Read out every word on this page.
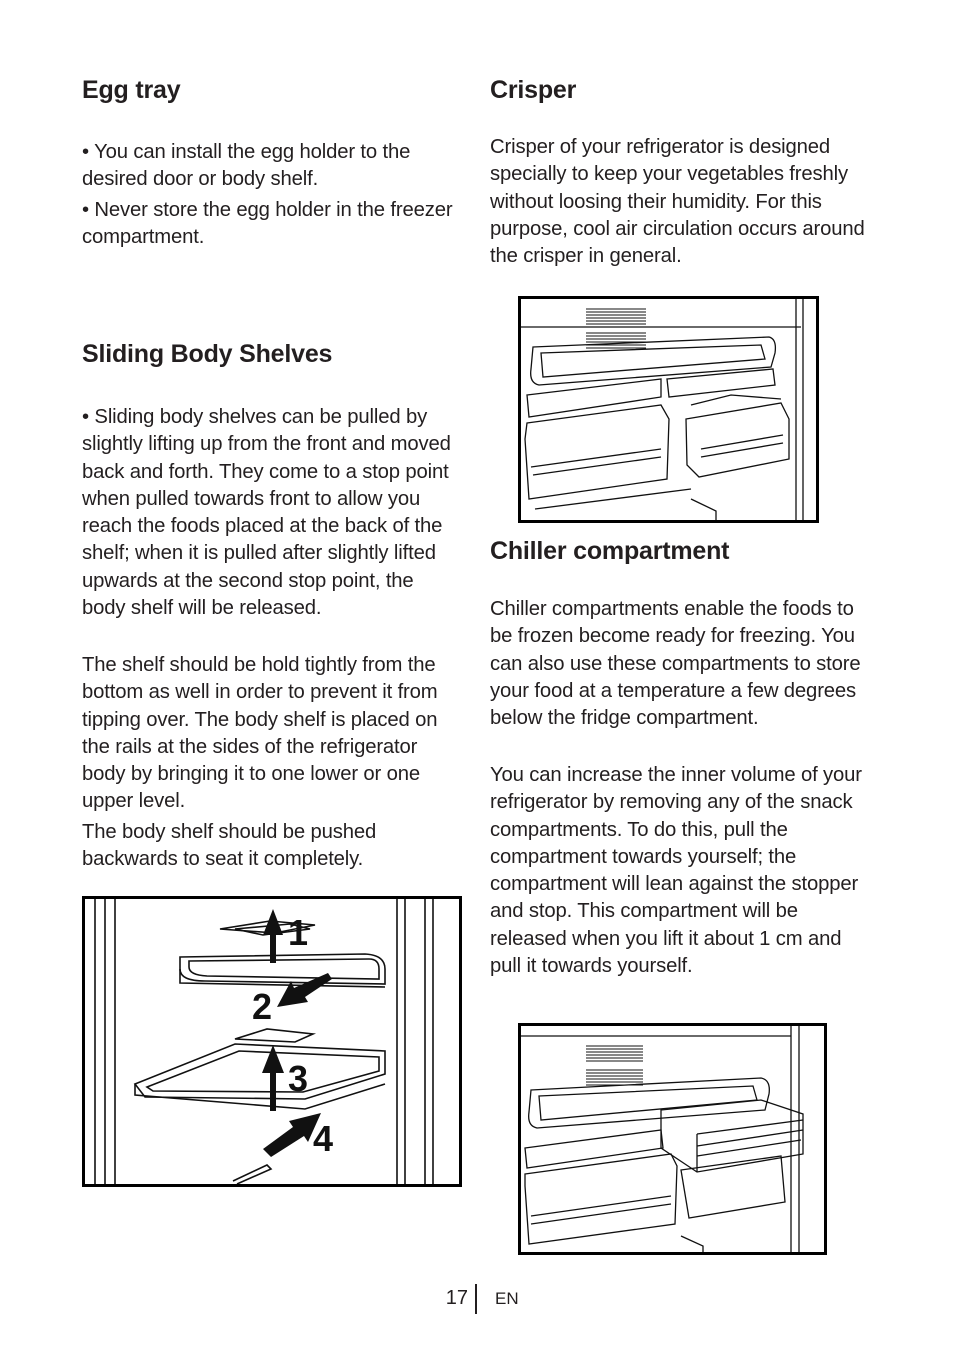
Egg tray

• You can install the egg holder to the desired door or body shelf.

• Never store the egg holder in the freezer compartment.

Sliding Body Shelves

• Sliding body shelves can be pulled by slightly lifting up from the front and moved back and forth. They come to a stop point when pulled towards front to allow you reach the foods placed at the back of the shelf; when it is pulled after slightly lifted upwards at the second stop point, the body shelf will be released.

The shelf should be hold tightly from the bottom as well in order to prevent it from tipping over. The body shelf is placed on the rails at the sides of the refrigerator body by bringing it to one lower or one upper level.

The body shelf should be pushed backwards to seat it completely.

1
2
3
4
Crisper

Crisper of your refrigerator is designed specially to keep your vegetables freshly without loosing their humidity. For this purpose, cool air circulation occurs around the crisper in general.

Chiller compartment

Chiller compartments enable the foods to be frozen become ready for freezing. You can also use these compartments to store your food at a temperature a few degrees below the fridge compartment.

You can increase the inner volume of your refrigerator by removing any of the snack compartments. To do this, pull the compartment towards yourself; the compartment will lean against the stopper and stop. This compartment will be released when you lift it about 1 cm and pull it towards yourself.

17 EN
